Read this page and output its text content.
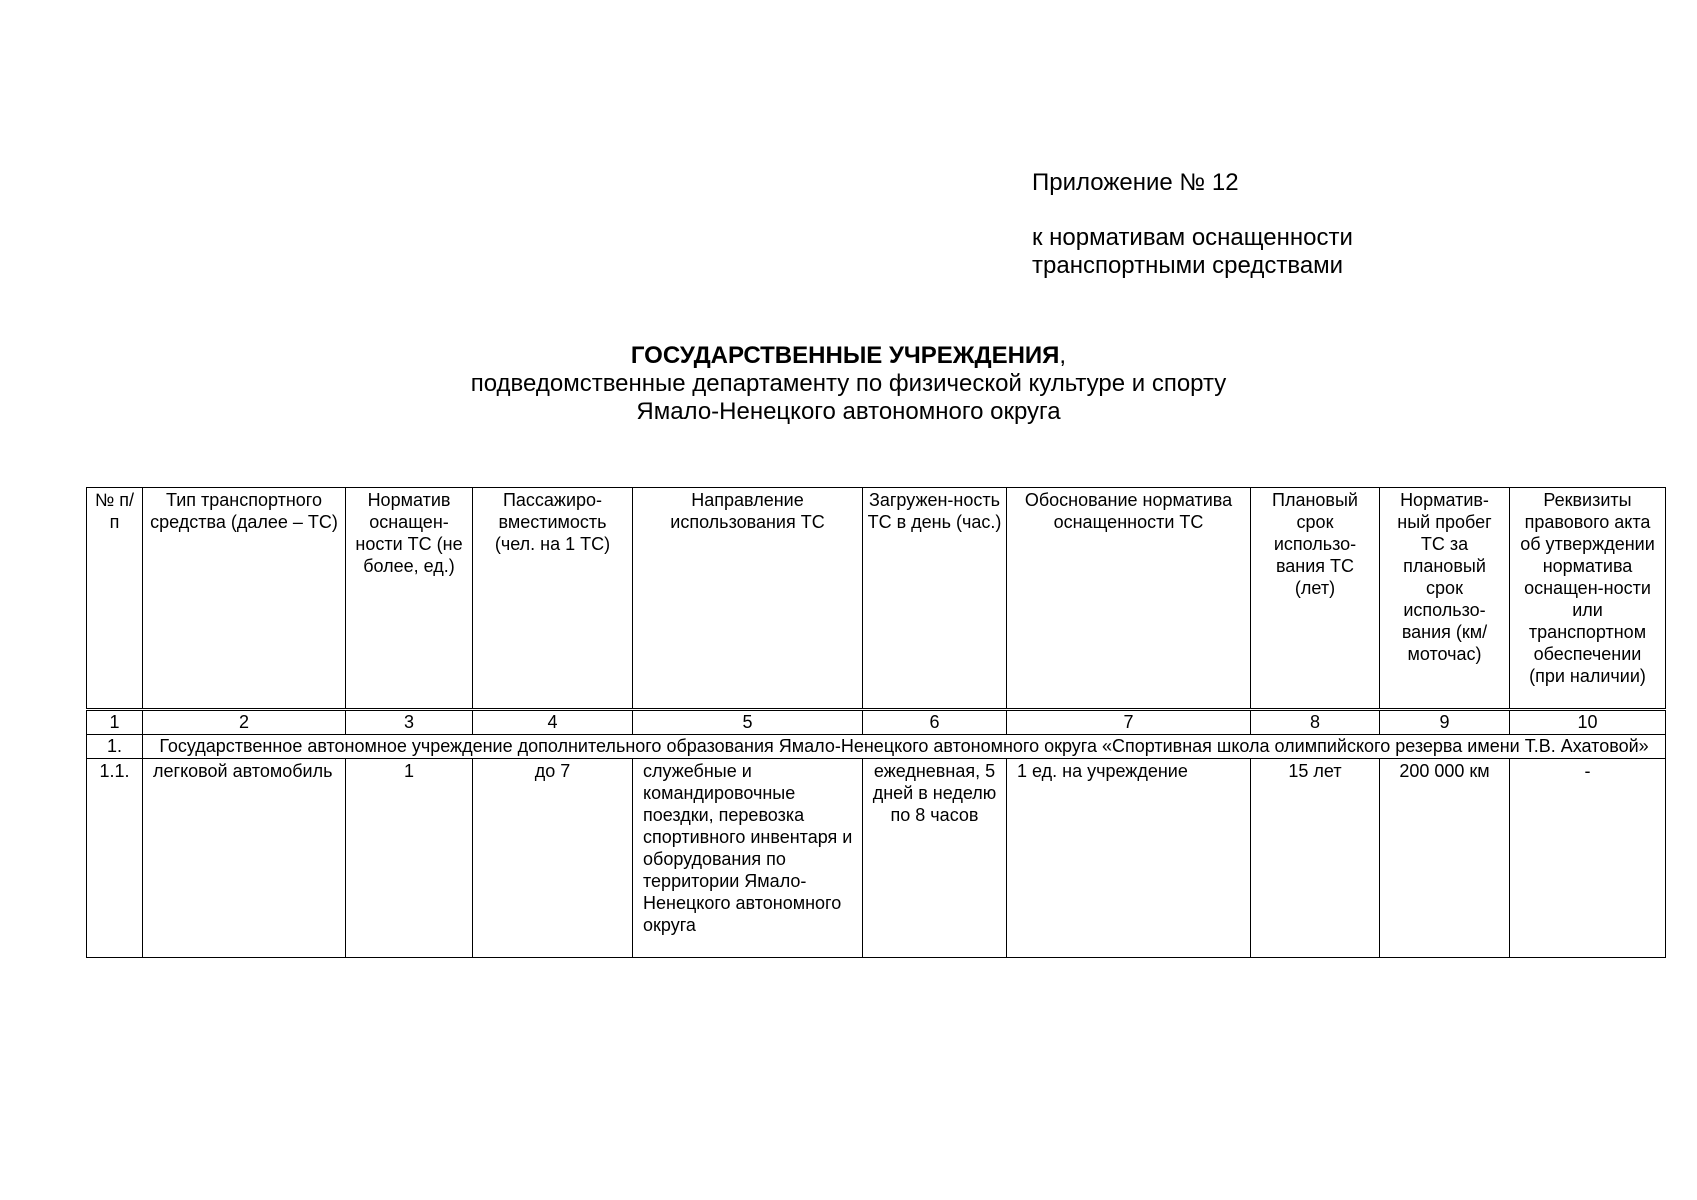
Приложение № 12
к нормативам оснащенности
транспортными средствами
ГОСУДАРСТВЕННЫЕ УЧРЕЖДЕНИЯ,
подведомственные департаменту по физической культуре и спорту
Ямало-Ненецкого автономного округа
№ п/п	Тип транспортного средства (далее – ТС)	Норматив оснащен-ности ТС (не более, ед.)	Пассажиро-вместимость (чел. на 1 ТС)	Направление использования ТС	Загружен-ность ТС в день (час.)	Обоснование норматива оснащенности ТС	Плановый срок использо-вания ТС (лет)	Норматив-ный пробег ТС за плановый срок использо-вания (км/ моточас)	Реквизиты правового акта об утверждении норматива оснащен-ности или транспортном обеспечении (при наличии)
1	2	3	4	5	6	7	8	9	10
1.	Государственное автономное учреждение дополнительного образования Ямало-Ненецкого автономного округа «Спортивная школа олимпийского резерва имени Т.В. Ахатовой»								
1.1.	легковой автомобиль	1	до 7	служебные и командировочные поездки, перевозка спортивного инвентаря и оборудования по территории Ямало-Ненецкого автономного округа	ежедневная, 5 дней в неделю по 8 часов	1 ед. на учреждение	15 лет	200 000 км	-
